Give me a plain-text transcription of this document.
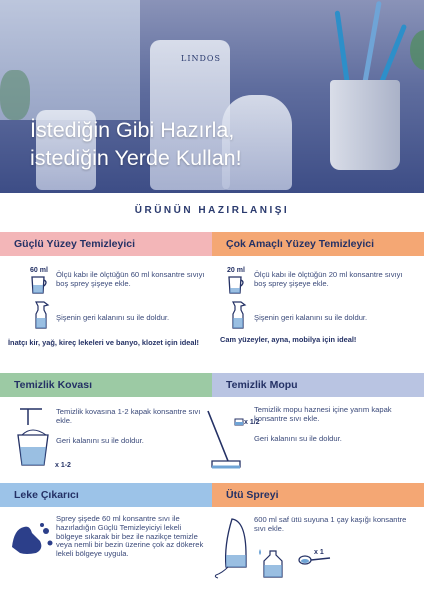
LINDOS
İstediğin Gibi Hazırla,
istediğin Yerde Kullan!
ÜRÜNÜN HAZIRLANIŞI
Güçlü Yüzey Temizleyici
60 ml Ölçü kabı ile ölçtüğün 60 ml konsantre sıvıyı boş sprey şişeye ekle.
Şişenin geri kalanını su ile doldur.
İnatçı kir, yağ, kireç lekeleri ve banyo, klozet için ideal!
Çok Amaçlı Yüzey Temizleyici
20 ml Ölçü kabı ile ölçtüğün 20 ml konsantre sıvıyı boş sprey şişeye ekle.
Şişenin geri kalanını su ile doldur.
Cam yüzeyler, ayna, mobilya için ideal!
Temizlik Kovası
x 1-2
Temizlik kovasına 1-2 kapak konsantre sıvı ekle.
Geri kalanını su ile doldur.
Temizlik Mopu
x 1/2
Temizlik mopu haznesi içine yarım kapak konsantre sıvı ekle.
Geri kalanını su ile doldur.
Leke Çıkarıcı
Sprey şişede 60 ml konsantre sıvı ile hazırladığın Güçlü Temizleyiciyi lekeli bölgeye sıkarak bir bez ile nazikçe temizle veya nemli bir bezin üzerine çok az dökerek lekeli bölgeye uygula.
Ütü Spreyi
600 ml saf ütü suyuna 1 çay kaşığı konsantre sıvı ekle.
x 1
